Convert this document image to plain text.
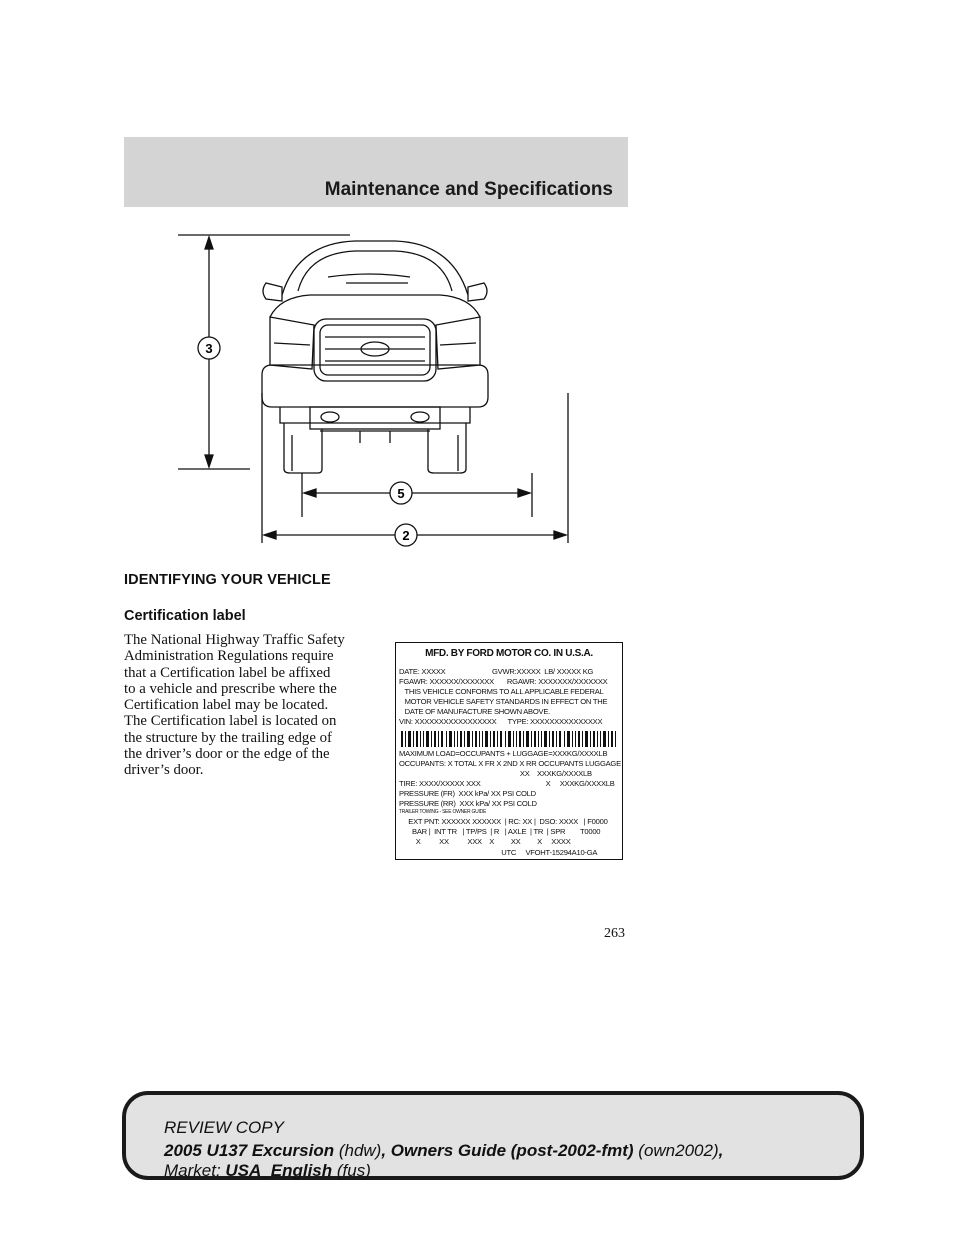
Maintenance and Specifications
3
5
2
IDENTIFYING YOUR VEHICLE
Certification label
The National Highway Traffic Safety
Administration Regulations require
that a Certification label be affixed
to a vehicle and prescribe where the
Certification label may be located.
The Certification label is located on
the structure by the trailing edge of
the driver’s door or the edge of the
driver’s door.
MFD. BY FORD MOTOR CO. IN U.S.A.
DATE: XXXXX                         GVWR:XXXXX  LB/ XXXXX KG
FGAWR: XXXXXX/XXXXXXX       RGAWR: XXXXXXX/XXXXXXX
THIS VEHICLE CONFORMS TO ALL APPLICABLE FEDERAL
MOTOR VEHICLE SAFETY STANDARDS IN EFFECT ON THE
DATE OF MANUFACTURE SHOWN ABOVE.
VIN: XXXXXXXXXXXXXXXXX      TYPE: XXXXXXXXXXXXXXX
MAXIMUM LOAD=OCCUPANTS + LUGGAGE=XXXKG/XXXXLB
OCCUPANTS: X TOTAL X FR X 2ND X RR OCCUPANTS LUGGAGE
XX    XXXKG/XXXXLB
TIRE: XXXX/XXXXX XXX                                   X     XXXKG/XXXXLB
PRESSURE (FR)  XXX kPa/ XX PSI COLD
PRESSURE (RR)  XXX kPa/ XX PSI COLD
TRAILER TOWING - SEE OWNER GUIDE
EXT PNT: XXXXXX XXXXXX  | RC: XX |  DSO: XXXX   | F0000
BAR |  INT TR   | TP/PS  | R   | AXLE  | TR  | SPR        T0000
X          XX          XXX    X         XX         X     XXXX
UTC     VFOHT-15294A10-GA
263
REVIEW COPY
2005 U137 Excursion (hdw), Owners Guide (post-2002-fmt) (own2002),
Market: USA_English (fus)
